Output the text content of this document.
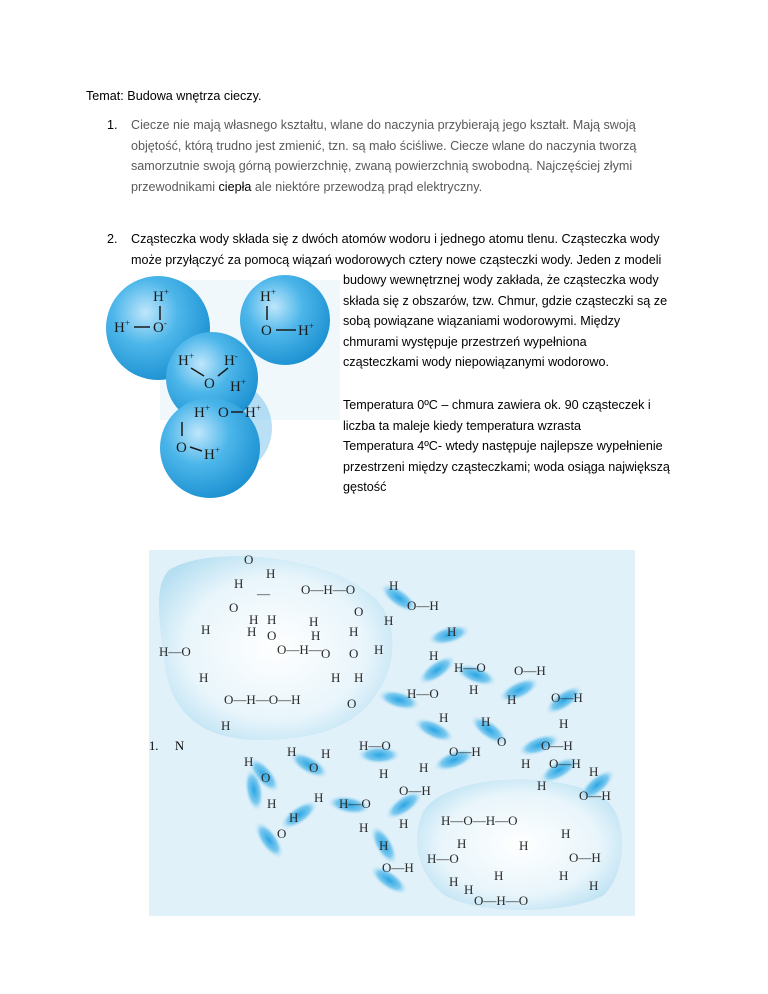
Temat: Budowa wnętrza cieczy.
1. Ciecze nie mają własnego kształtu, wlane do naczynia przybierają jego kształt. Mają swoją
objętość, którą trudno jest zmienić, tzn. są mało ściśliwe. Ciecze wlane do naczynia tworzą
samorzutnie swoją górną powierzchnię, zwaną powierzchnią swobodną. Najczęściej złymi
przewodnikami ciepła ale niektóre przewodzą prąd elektryczny.
2. Cząsteczka wody składa się z dwóch atomów wodoru i jednego atomu tlenu. Cząsteczka wody
może przyłączyć za pomocą wiązań wodorowych cztery nowe cząsteczki wody. Jeden z modeli
budowy wewnętrznej wody zakłada, że cząsteczka wody
składa się z obszarów, tzw. Chmur, gdzie cząsteczki są ze
sobą powiązane wiązaniami wodorowymi. Między
chmurami występuje przestrzeń wypełniona
cząsteczkami wody niepowiązanymi wodorowo.
Temperatura 0ºC – chmura zawiera ok. 90 cząsteczek i
liczba ta maleje kiedy temperatura wzrasta
Temperatura 4ºC- wtedy następuje najlepsze wypełnienie
przestrzeni między cząsteczkami; woda osiąga największą
gęstość
H+
H+ O-
H+
O H+
H+ H-
O H+
H+ O H+
O H+
O
H
H	O—H—O
—
O
H
H H	H
O
H
H O	H H
H—O	O—H— O O H
H	H H
O—H—O—H	O
H
H
O—H
H
H
H—O
H
O—H
H	O—H
H
H—O
H	H
O	O—H
H
H—O
H
H
O
H
H
O
H
O—H
H	O—H
H
H
O—H
H H—O
H
H
O
O—H
H
H
O—H
H—O—H—O
H
H	H
H—O	O—H
H	H	H
H
O—H—O
H
1. N
